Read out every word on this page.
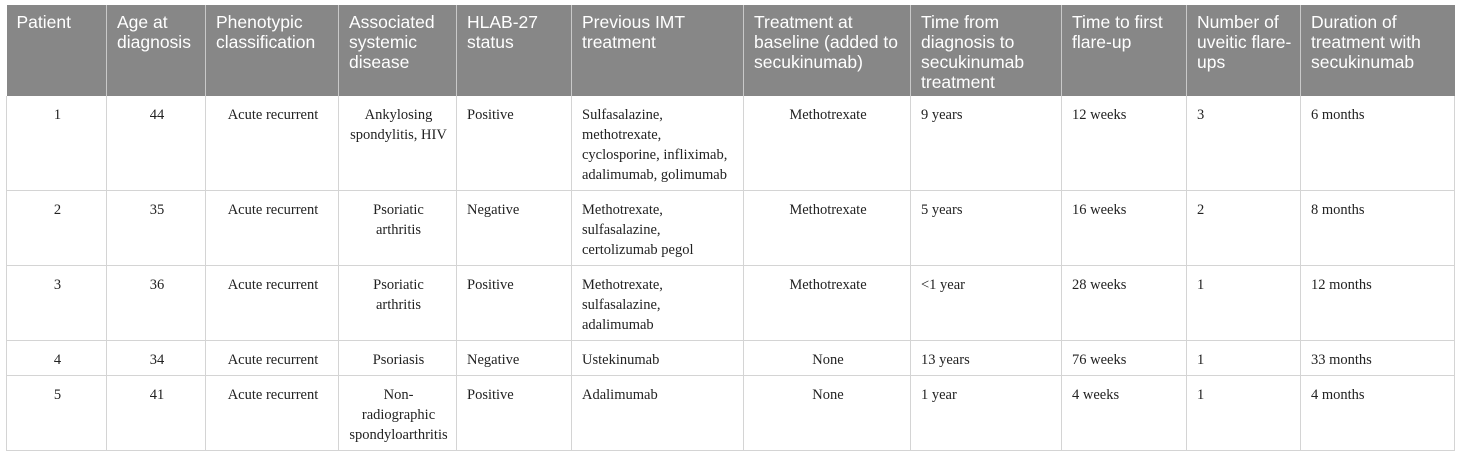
Patient	Age at diagnosis	Phenotypic classification	Associated systemic disease	HLAB-27 status	Previous IMT treatment	Treatment at baseline (added to secukinumab)	Time from diagnosis to secukinumab treatment	Time to first flare-up	Number of uveitic flare-ups	Duration of treatment with secukinumab
1	44	Acute recurrent	Ankylosing spondylitis, HIV	Positive	Sulfasalazine, methotrexate, cyclosporine, infliximab, adalimumab, golimumab	Methotrexate	9 years	12 weeks	3	6 months
2	35	Acute recurrent	Psoriatic arthritis	Negative	Methotrexate, sulfasalazine, certolizumab pegol	Methotrexate	5 years	16 weeks	2	8 months
3	36	Acute recurrent	Psoriatic arthritis	Positive	Methotrexate, sulfasalazine, adalimumab	Methotrexate	<1 year	28 weeks	1	12 months
4	34	Acute recurrent	Psoriasis	Negative	Ustekinumab	None	13 years	76 weeks	1	33 months
5	41	Acute recurrent	Non-radiographic spondyloarthritis	Positive	Adalimumab	None	1 year	4 weeks	1	4 months
